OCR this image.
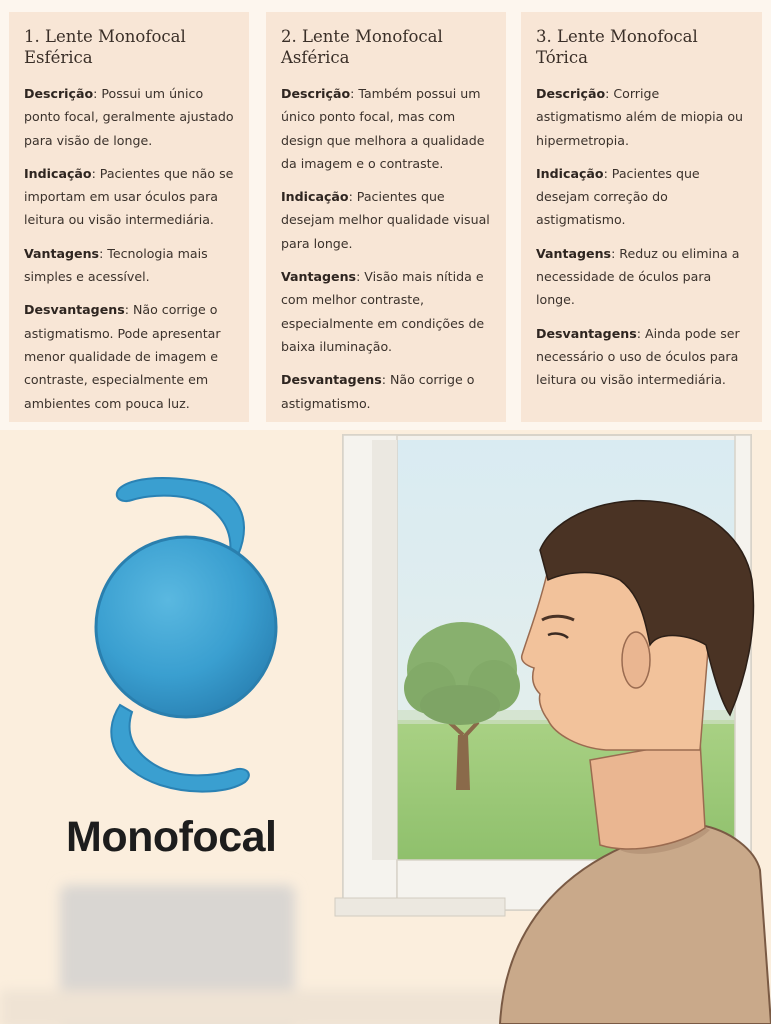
1. Lente Monofocal Esférica

Descrição: Possui um único ponto focal, geralmente ajustado para visão de longe.

Indicação: Pacientes que não se importam em usar óculos para leitura ou visão intermediária.

Vantagens: Tecnologia mais simples e acessível.

Desvantagens: Não corrige o astigmatismo. Pode apresentar menor qualidade de imagem e contraste, especialmente em ambientes com pouca luz.

2. Lente Monofocal Asférica

Descrição: Também possui um único ponto focal, mas com design que melhora a qualidade da imagem e o contraste.

Indicação: Pacientes que desejam melhor qualidade visual para longe.

Vantagens: Visão mais nítida e com melhor contraste, especialmente em condições de baixa iluminação.

Desvantagens: Não corrige o astigmatismo.

3. Lente Monofocal Tórica

Descrição: Corrige astigmatismo além de miopia ou hipermetropia.

Indicação: Pacientes que desejam correção do astigmatismo.

Vantagens: Reduz ou elimina a necessidade de óculos para longe.

Desvantagens: Ainda pode ser necessário o uso de óculos para leitura ou visão intermediária.

Monofocal
